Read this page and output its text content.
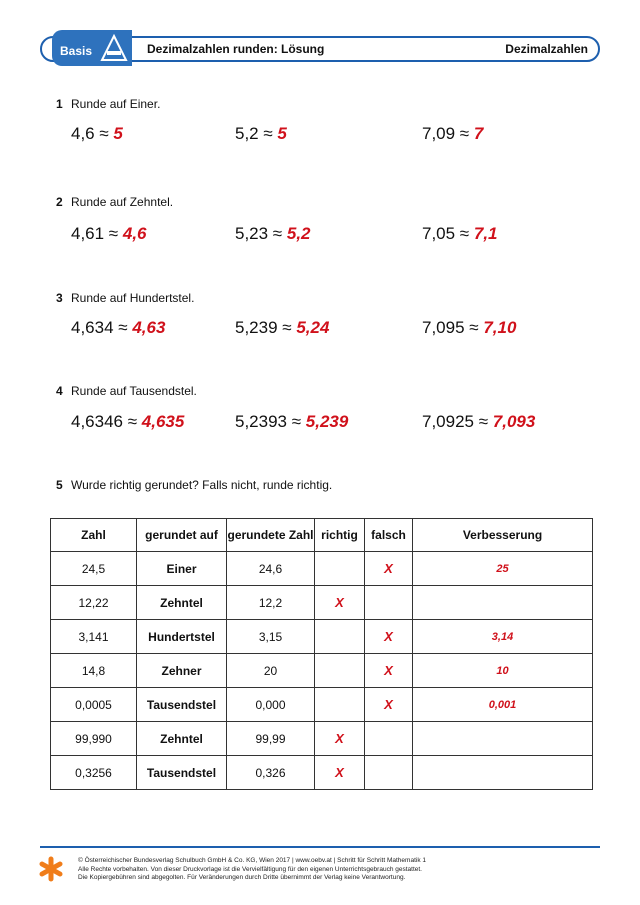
Basis	Dezimalzahlen runden: Lösung	Dezimalzahlen
1 Runde auf Einer.
4,6 ≈ 5	5,2 ≈ 5	7,09 ≈ 7
2 Runde auf Zehntel.
4,61 ≈ 4,6	5,23 ≈ 5,2	7,05 ≈ 7,1
3 Runde auf Hundertstel.
4,634 ≈ 4,63	5,239 ≈ 5,24	7,095 ≈ 7,10
4 Runde auf Tausendstel.
4,6346 ≈ 4,635	5,2393 ≈ 5,239	7,0925 ≈ 7,093
5 Wurde richtig gerundet? Falls nicht, runde richtig.
Zahl	gerundet auf	gerundete Zahl	richtig	falsch	Verbesserung
24,5	Einer	24,6		X	25
12,22	Zehntel	12,2	X		
3,141	Hundertstel	3,15		X	3,14
14,8	Zehner	20		X	10
0,0005	Tausendstel	0,000		X	0,001
99,990	Zehntel	99,99	X		
0,3256	Tausendstel	0,326	X		
© Österreichischer Bundesverlag Schulbuch GmbH & Co. KG, Wien 2017 | www.oebv.at | Schritt für Schritt Mathematik 1
Alle Rechte vorbehalten. Von dieser Druckvorlage ist die Vervielfältigung für den eigenen Unterrichtsgebrauch gestattet.
Die Kopiergebühren sind abgegolten. Für Veränderungen durch Dritte übernimmt der Verlag keine Verantwortung.
